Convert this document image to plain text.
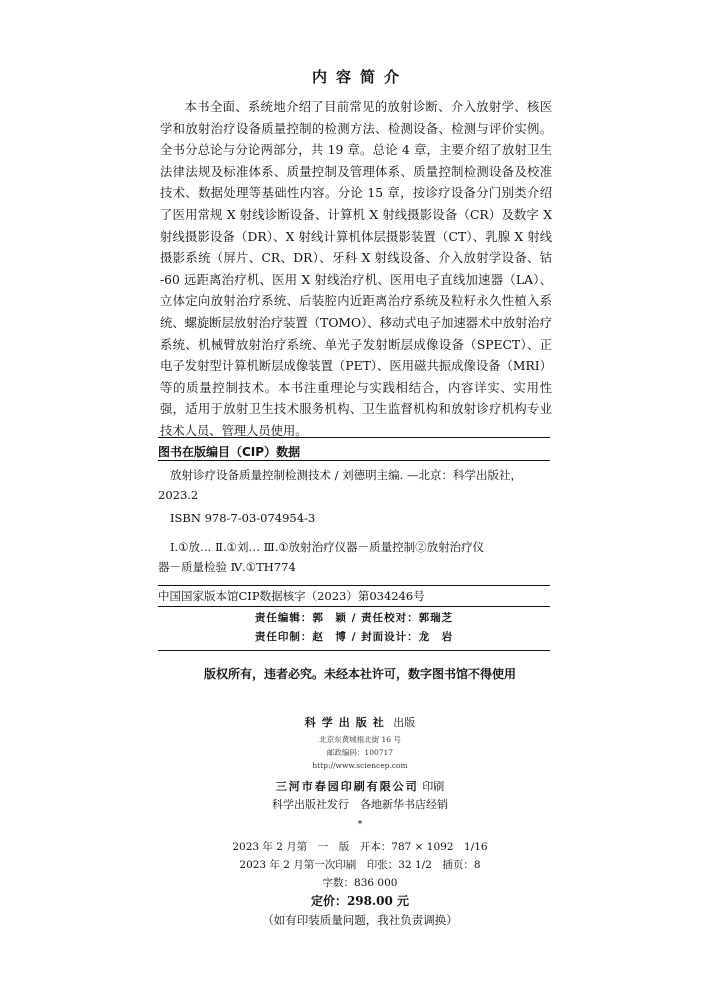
内容简介

本书全面、系统地介绍了目前常见的放射诊断、介入放射学、核医学和放射治疗设备质量控制的检测方法、检测设备、检测与评价实例。全书分总论与分论两部分，共 19 章。总论 4 章，主要介绍了放射卫生法律法规及标准体系、质量控制及管理体系、质量控制检测设备及校准技术、数据处理等基础性内容。分论 15 章，按诊疗设备分门别类介绍了医用常规 X 射线诊断设备、计算机 X 射线摄影设备（CR）及数字 X 射线摄影设备（DR）、X 射线计算机体层摄影装置（CT）、乳腺 X 射线摄影系统（屏片、CR、DR）、牙科 X 射线设备、介入放射学设备、钴 -60 远距离治疗机、医用 X 射线治疗机、医用电子直线加速器（LA）、立体定向放射治疗系统、后装腔内近距离治疗系统及粒籽永久性植入系统、螺旋断层放射治疗装置（TOMO）、移动式电子加速器术中放射治疗系统、机械臂放射治疗系统、单光子发射断层成像设备（SPECT）、正电子发射型计算机断层成像装置（PET）、医用磁共振成像设备（MRI）等的质量控制技术。本书注重理论与实践相结合，内容详实、实用性强，适用于放射卫生技术服务机构、卫生监督机构和放射诊疗机构专业技术人员、管理人员使用。

图书在版编目（CIP）数据
放射诊疗设备质量控制检测技术 / 刘德明主编. —北京：科学出版社，
2023.2
ISBN 978-7-03-074954-3
Ⅰ.①放… Ⅱ.①刘… Ⅲ.①放射治疗仪器－质量控制②放射治疗仪
器－质量检验 Ⅳ.①TH774
中国国家版本馆CIP数据核字（2023）第034246号
责任编辑：郭　颖 / 责任校对：郭瑞芝
责任印制：赵　博 / 封面设计：龙　岩
版权所有，违者必究。未经本社许可，数字图书馆不得使用
科学出版社 出版
北京东黄城根北街 16 号
邮政编码：100717
http://www.sciencep.com
三河市春园印刷有限公司 印刷
科学出版社发行　各地新华书店经销
*
2023 年 2 月第　一　版　开本：787 × 1092　1/16
2023 年 2 月第一次印刷　印张：32 1/2　插页：8
字数：836 000
定价：298.00 元
（如有印装质量问题，我社负责调换）
